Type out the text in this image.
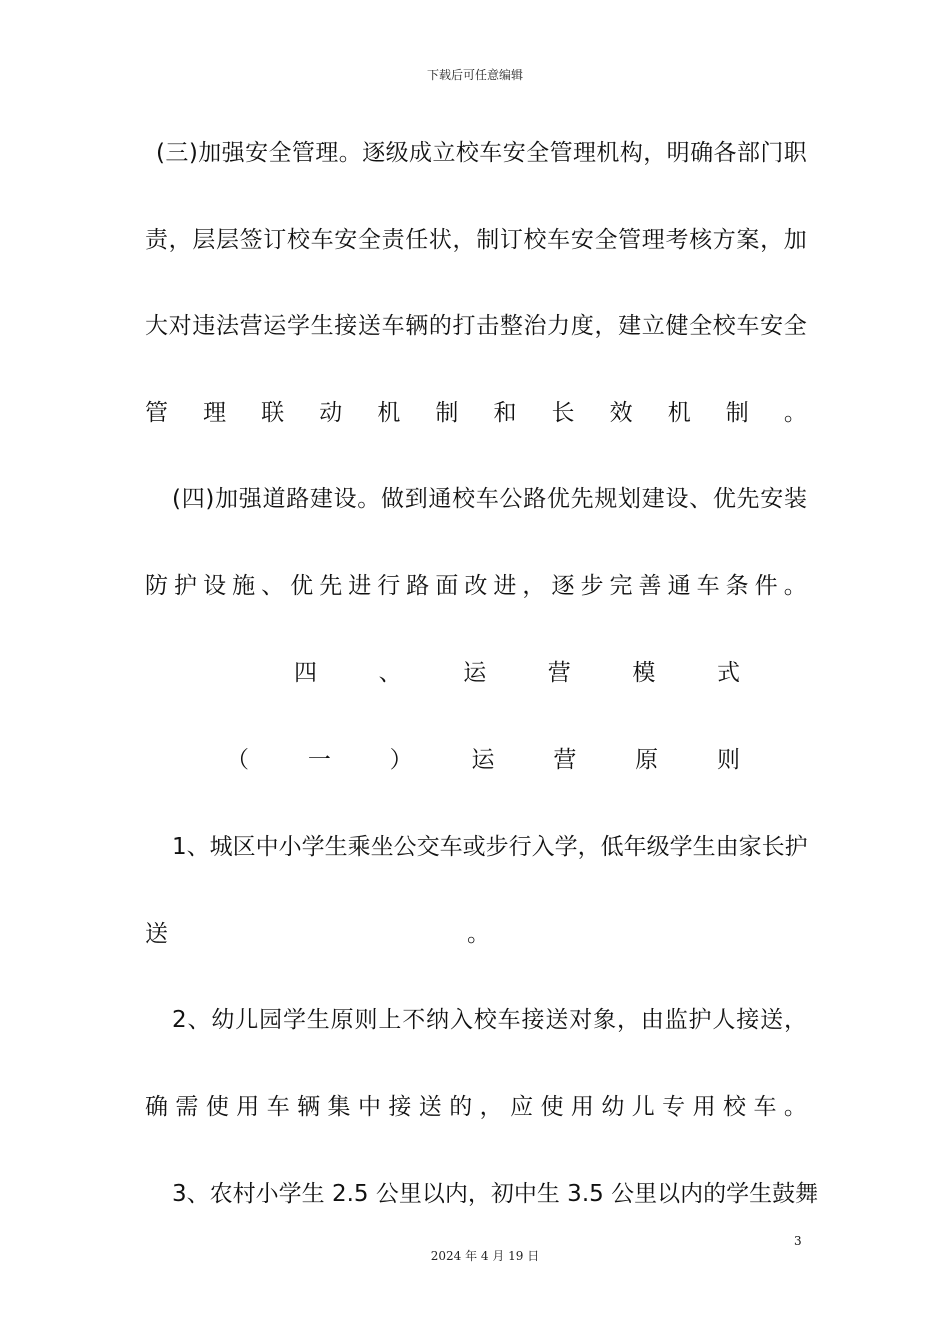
下载后可任意编辑
( 三 ) 加 强 安 全 管 理 。 逐 级 成 立 校 车 安 全 管 理 机 构 ， 明 确 各 部 门 职
责 ， 层 层 签 订 校 车 安 全 责 任 状 ， 制 订 校 车 安 全 管 理 考 核 方 案 ， 加
大 对 违 法 营 运 学 生 接 送 车 辆 的 打 击 整 治 力 度 ， 建 立 健 全 校 车 安 全
管 理 联 动 机 制 和 长 效 机 制 。
( 四 ) 加 强 道 路 建 设 。 做 到 通 校 车 公 路 优 先 规 划 建 设 、 优 先 安 装
防 护 设 施 、 优 先 进 行 路 面 改 进 ， 逐 步 完 善 通 车 条 件 。
四	、	运	营	模	式
（	一	）	运	营	原	则
1 、 城 区 中 小 学 生 乘 坐 公 交 车 或 步 行 入 学 ， 低 年 级 学 生 由 家 长 护
送	。
2 、 幼 儿 园 学 生 原 则 上 不 纳 入 校 车 接 送 对 象 ， 由 监 护 人 接 送 ，
确 需 使 用 车 辆 集 中 接 送 的 ， 应 使 用 幼 儿 专 用 校 车 。
3 、 农 村 小 学 生
2 . 5
公 里 以 内 ， 初 中 生
3 . 5
公 里 以 内 的 学 生 鼓 舞
3
2024 年 4 月 19 日
